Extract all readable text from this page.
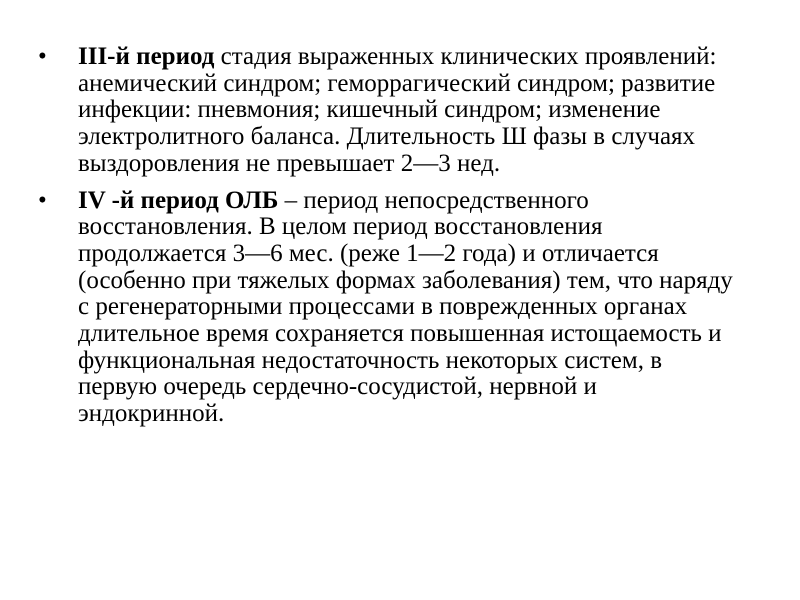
• III-й период стадия выраженных клинических проявлений: анемический синдром; геморрагический синдром; развитие инфекции: пневмония; кишечный синдром; изменение электролитного баланса. Длительность Ш фазы в случаях выздоровления не превышает 2—3 нед.
• IV -й период ОЛБ – период непосредственного восстановления. В целом период восстановления продолжается 3—6 мес. (реже 1—2 года) и отличается (особенно при тяжелых формах заболевания) тем, что наряду с регенераторными процессами в поврежденных органах длительное время сохраняется повышенная истощаемость и функциональная недостаточность некоторых систем, в первую очередь сердечно-сосудистой, нервной и эндокринной.
